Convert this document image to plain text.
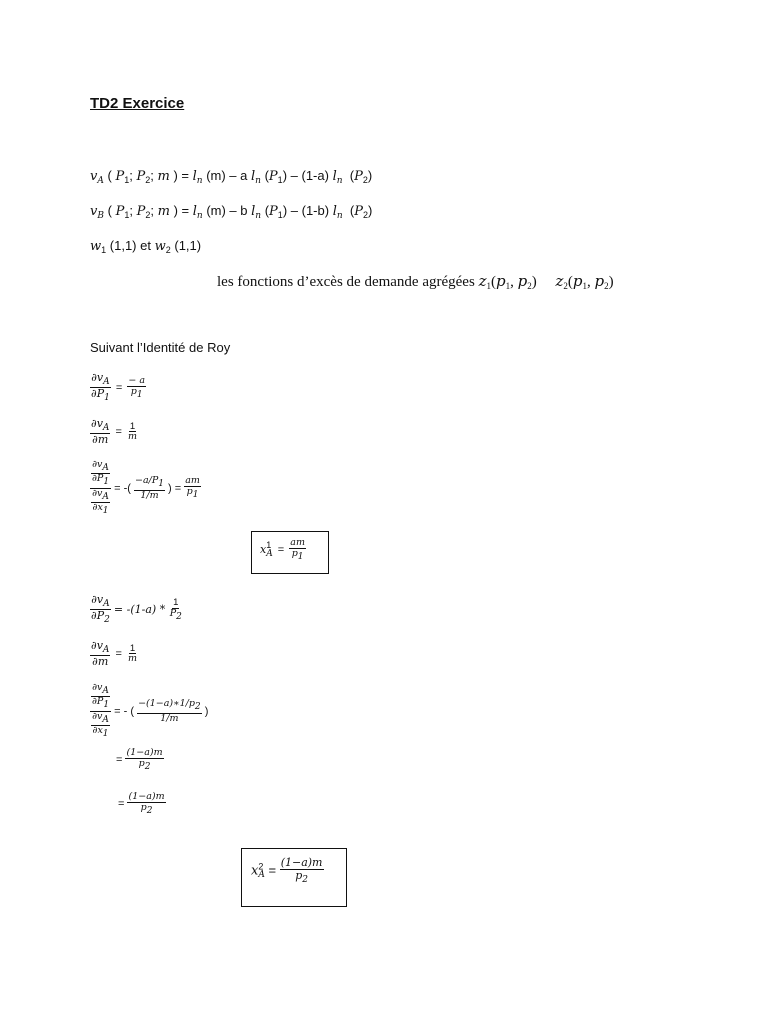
TD2 Exercice
$v_A$ ( $P_1$; $P_2$; m ) = $l_n$ (m) – a $l_n$ $(P_1) - (1-a)$ $l_n$  $(P_2)$
$v_B$ ( $P_1$; $P_2$; m ) = $l_n$ (m) – b $l_n$ $(P_1) - (1-b)$ $l_n$  $(P_2)$
$w_1$ (1,1) et $w_2$ (1,1)
les fonctions d’excès de demande agrégées $z_1(p_1$, $p_2$)     $z_2(p_1$, $p_2$)
Suivant l’Identité de Roy
$\frac{\partial v_A}{\partial P_1} = \frac{- a}{p_1}$
$\frac{\partial v_A}{\partial m} = \frac{1}{m}$
$\frac{\frac{\partial v_A}{\partial P_1}}{\frac{\partial v_A}{\partial x_1}}$ = -( $\frac{-a/P_1}{1/m}$ ) = $\frac{am}{p_1}$
$x^1_A = \frac{am}{p_1}$
$\frac{\partial v_A}{\partial P_2} = -(1-a) * \frac{1}{P_2}$
$\frac{\partial v_A}{\partial m} = \frac{1}{m}$
$\frac{\frac{\partial v_A}{\partial P_1}}{\frac{\partial v_A}{\partial x_1}}$ = - ( $\frac{-(1-a)∗1/p_2}{1/m}$ )
= $\frac{(1-a)m}{p_2}$
= $\frac{(1-a)m}{p_2}$
$x^2_A = \frac{(1-a)m}{p_2}$
